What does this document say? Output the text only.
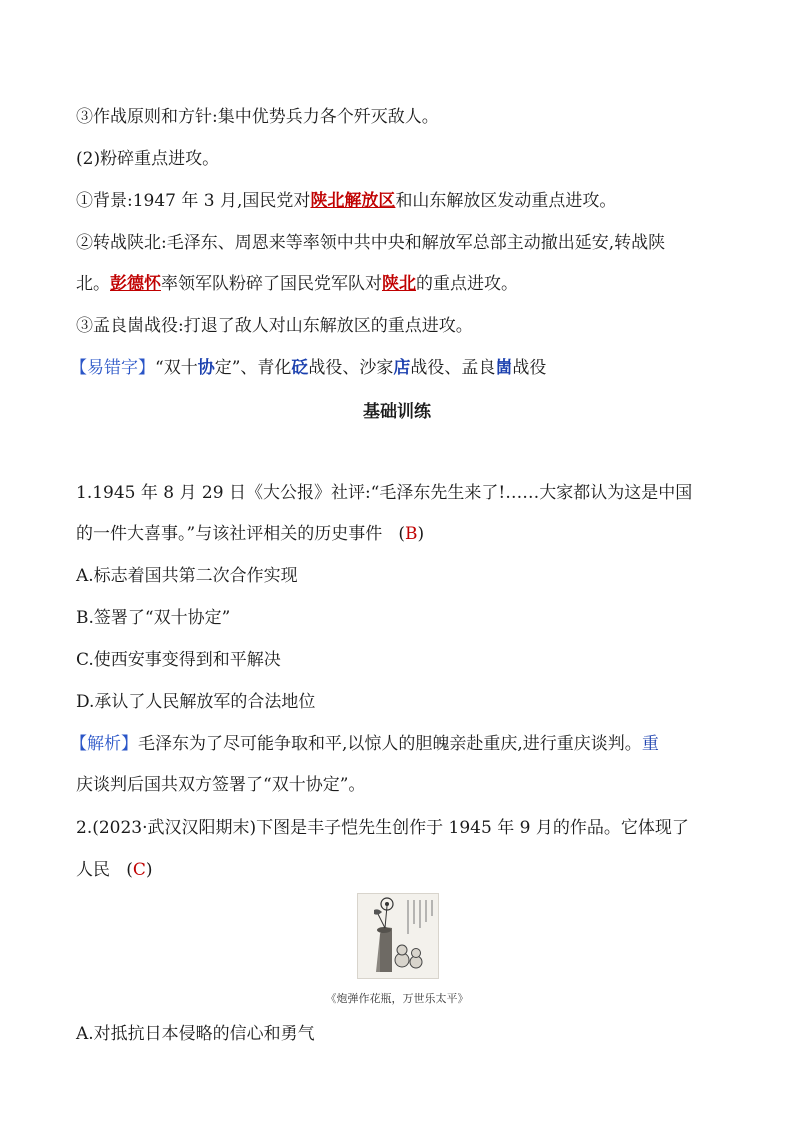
③作战原则和方针:集中优势兵力各个歼灭敌人。
(2)粉碎重点进攻。
①背景:1947 年 3 月,国民党对陕北解放区和山东解放区发动重点进攻。
②转战陕北:毛泽东、周恩来等率领中共中央和解放军总部主动撤出延安,转战陕
北。彭德怀率领军队粉碎了国民党军队对陕北的重点进攻。
③孟良崮战役:打退了敌人对山东解放区的重点进攻。
【易错字】“双十协定”、青化砭战役、沙家店战役、孟良崮战役
基础训练
1.1945 年 8 月 29 日《大公报》社评:“毛泽东先生来了!……大家都认为这是中国
的一件大喜事。”与该社评相关的历史事件   (B)
A.标志着国共第二次合作实现
B.签署了“双十协定”
C.使西安事变得到和平解决
D.承认了人民解放军的合法地位
【解析】毛泽东为了尽可能争取和平,以惊人的胆魄亲赴重庆,进行重庆谈判。重
庆谈判后国共双方签署了“双十协定”。
2.(2023·武汉汉阳期末)下图是丰子恺先生创作于 1945 年 9 月的作品。它体现了
人民   (C)
《炮弹作花瓶，万世乐太平》
A.对抵抗日本侵略的信心和勇气
